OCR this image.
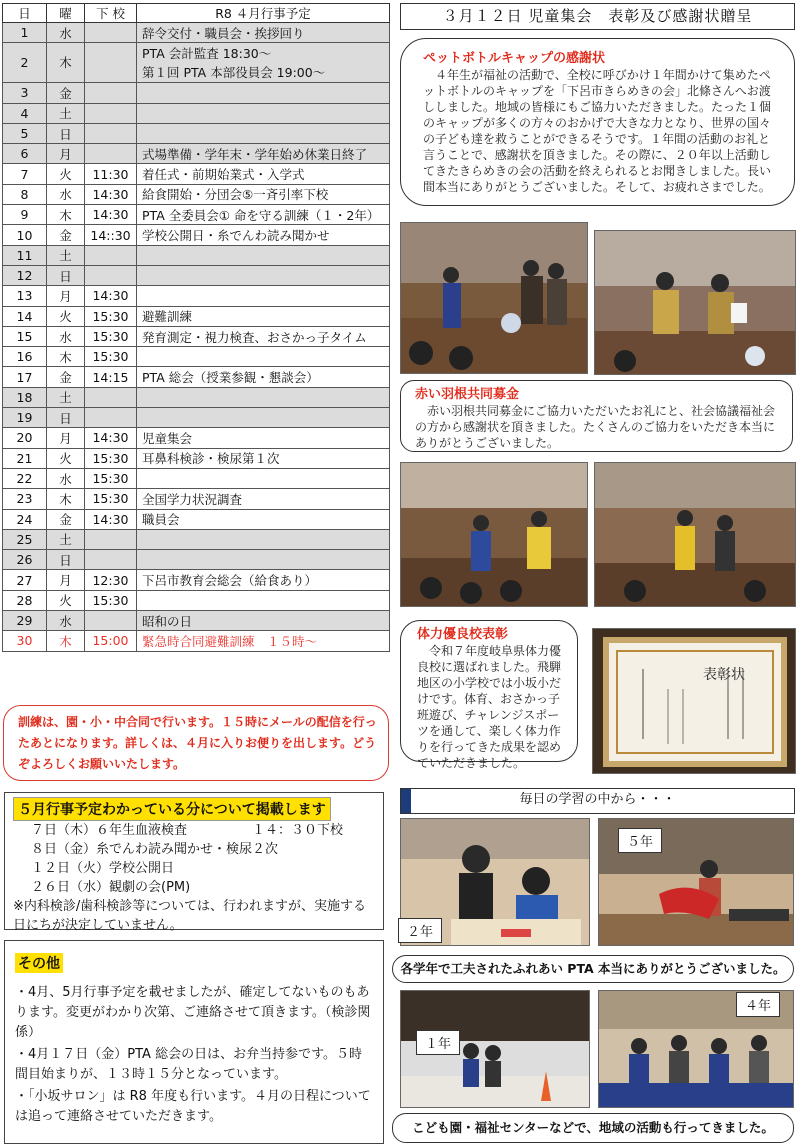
日	曜	下 校	R8 ４月行事予定
1	水		辞令交付・職員会・挨拶回り
2	木		PTA 会計監査 18:30〜
第１回 PTA 本部役員会 19:00〜

3	金		
4	土		
5	日		
6	月		式場準備・学年末・学年始め休業日終了
7	火	11:30	着任式・前期始業式・入学式
8	水	14:30	給食開始・分団会⑤一斉引率下校
9	木	14:30	PTA 全委員会① 命を守る訓練（１・2年）
10	金	14::30	学校公開日・糸でんわ読み聞かせ
11	土		
12	日		
13	月	14:30	
14	火	15:30	避難訓練
15	水	15:30	発育測定・視力検査、おさかっ子タイム
16	木	15:30	
17	金	14:15	PTA 総会（授業参観・懇談会）
18	土		
19	日		
20	月	14:30	児童集会
21	火	15:30	耳鼻科検診・検尿第１次
22	水	15:30	
23	木	15:30	全国学力状況調査
24	金	14:30	職員会
25	土		
26	日		
27	月	12:30	下呂市教育会総会（給食あり）
28	火	15:30	
29	水		昭和の日
30	木	15:00	緊急時合同避難訓練　１５時〜
訓練は、園・小・中合同で行います。１５時にメールの配信を行ったあとになります。詳しくは、４月に入りお便りを出します。どうぞよろしくお願いいたします。
５月行事予定わかっている分について掲載します
７日（木）６年生血液検査　　　　　１４：３０下校
８日（金）糸でんわ読み聞かせ・検尿２次
１２日（火）学校公開日
２６日（水）観劇の会(PM)
※内科検診/歯科検診等については、行われますが、実施する日にちが決定していません。
その他
・4月、5月行事予定を載せましたが、確定してないものもあります。変更がわかり次第、ご連絡させて頂きます。（検診関係）
・4月１７日（金）PTA 総会の日は、お弁当持参です。５時間目始まりが、１３時１５分となっています。
・「小坂サロン」は R8 年度も行います。４月の日程については追って連絡させていただきます。
３月１２日 児童集会　表彰及び感謝状贈呈
ペットボトルキャップの感謝状
　４年生が福祉の活動で、全校に呼びかけ１年間かけて集めたペットボトルのキャップを「下呂市きらめきの会」北條さんへお渡ししました。地域の皆様にもご協力いただきました。たった１個のキャップが多くの方々のおかげで大きな力となり、世界の国々の子ども達を救うことができるそうです。１年間の活動のお礼と言うことで、感謝状を頂きました。その際に、２０年以上活動してきたきらめきの会の活動を終えられるとお聞きしました。長い間本当にありがとうございました。そして、お疲れさまでした。
赤い羽根共同募金
　赤い羽根共同募金にご協力いただいたお礼にと、社会協議福祉会の方から感謝状を頂きました。たくさんのご協力をいただき本当にありがとうございました。
体力優良校表彰
　令和７年度岐阜県体力優良校に選ばれました。飛騨地区の小学校では小坂小だけです。体育、おさかっ子班遊び、チャレンジスポーツを通して、楽しく体力作りを行ってきた成果を認めていただきました。
表彰状
毎日の学習の中から・・・
２年
５年
各学年で工夫されたふれあい PTA 本当にありがとうございました。
１年
４年
こども園・福祉センターなどで、地域の活動も行ってきました。
